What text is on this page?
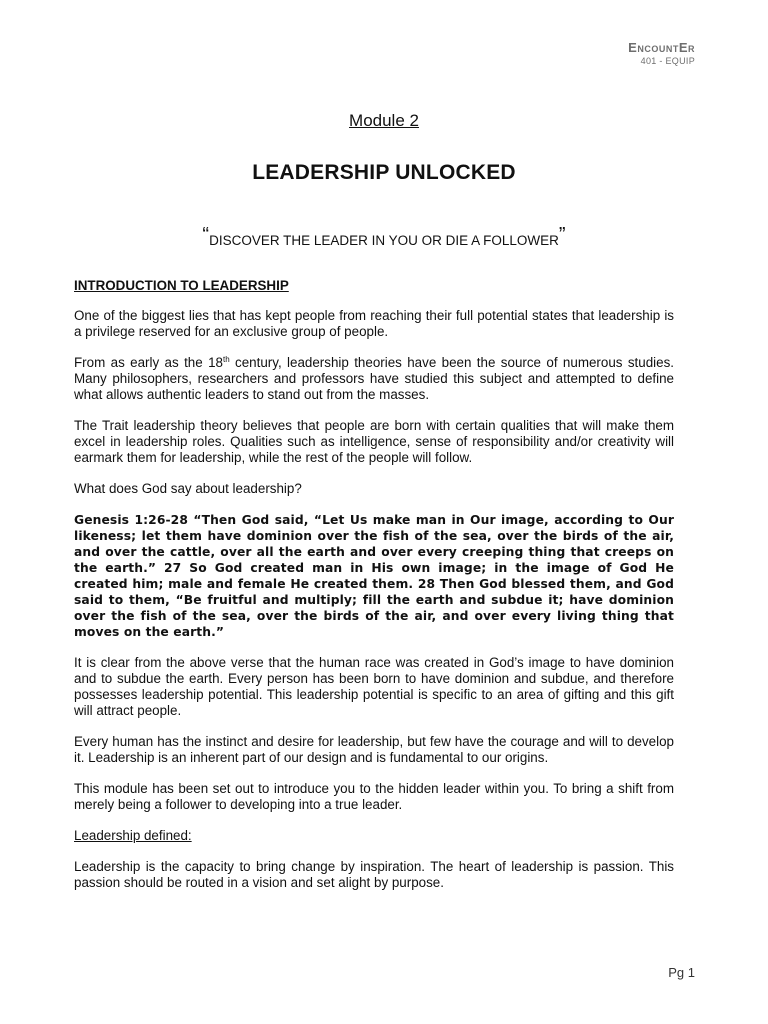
EncountEr
401 - EQUIP
Module 2
LEADERSHIP UNLOCKED
“DISCOVER THE LEADER IN YOU OR DIE A FOLLOWER”

INTRODUCTION TO LEADERSHIP

One of the biggest lies that has kept people from reaching their full potential states that leadership is a privilege reserved for an exclusive group of people.

From as early as the 18th century, leadership theories have been the source of numerous studies. Many philosophers, researchers and professors have studied this subject and attempted to define what allows authentic leaders to stand out from the masses.

The Trait leadership theory believes that people are born with certain qualities that will make them excel in leadership roles. Qualities such as intelligence, sense of responsibility and/or creativity will earmark them for leadership, while the rest of the people will follow.

What does God say about leadership?

Genesis 1:26-28 “Then God said, “Let Us make man in Our image, according to Our likeness; let them have dominion over the fish of the sea, over the birds of the air, and over the cattle, over all the earth and over every creeping thing that creeps on the earth.” 27 So God created man in His own image; in the image of God He created him; male and female He created them. 28 Then God blessed them, and God said to them, “Be fruitful and multiply; fill the earth and subdue it; have dominion over the fish of the sea, over the birds of the air, and over every living thing that moves on the earth.”

It is clear from the above verse that the human race was created in God’s image to have dominion and to subdue the earth. Every person has been born to have dominion and subdue, and therefore possesses leadership potential. This leadership potential is specific to an area of gifting and this gift will attract people.

Every human has the instinct and desire for leadership, but few have the courage and will to develop it. Leadership is an inherent part of our design and is fundamental to our origins.

This module has been set out to introduce you to the hidden leader within you. To bring a shift from merely being a follower to developing into a true leader.

Leadership defined:

Leadership is the capacity to bring change by inspiration. The heart of leadership is passion. This passion should be routed in a vision and set alight by purpose.

Pg 1
